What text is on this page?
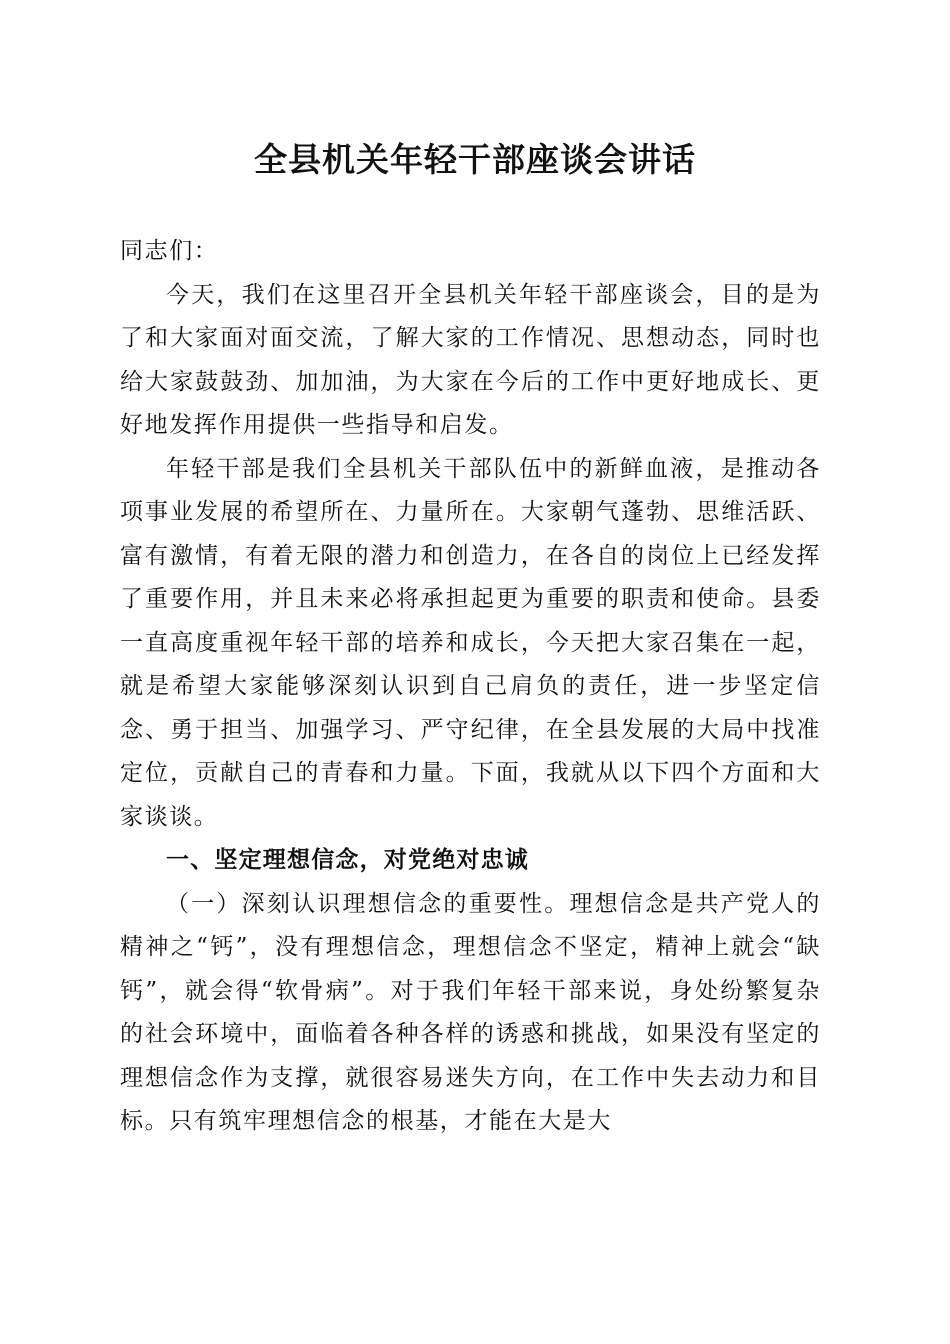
全县机关年轻干部座谈会讲话

同志们：

今天，我们在这里召开全县机关年轻干部座谈会，目的是为了和大家面对面交流，了解大家的工作情况、思想动态，同时也给大家鼓鼓劲、加加油，为大家在今后的工作中更好地成长、更好地发挥作用提供一些指导和启发。

年轻干部是我们全县机关干部队伍中的新鲜血液，是推动各项事业发展的希望所在、力量所在。大家朝气蓬勃、思维活跃、富有激情，有着无限的潜力和创造力，在各自的岗位上已经发挥了重要作用，并且未来必将承担起更为重要的职责和使命。县委一直高度重视年轻干部的培养和成长，今天把大家召集在一起，就是希望大家能够深刻认识到自己肩负的责任，进一步坚定信念、勇于担当、加强学习、严守纪律，在全县发展的大局中找准定位，贡献自己的青春和力量。下面，我就从以下四个方面和大家谈谈。

一、坚定理想信念，对党绝对忠诚

（一）深刻认识理想信念的重要性。理想信念是共产党人的精神之“钙”，没有理想信念，理想信念不坚定，精神上就会“缺钙”，就会得“软骨病”。对于我们年轻干部来说，身处纷繁复杂的社会环境中，面临着各种各样的诱惑和挑战，如果没有坚定的理想信念作为支撑，就很容易迷失方向，在工作中失去动力和目标。只有筑牢理想信念的根基，才能在大是大
